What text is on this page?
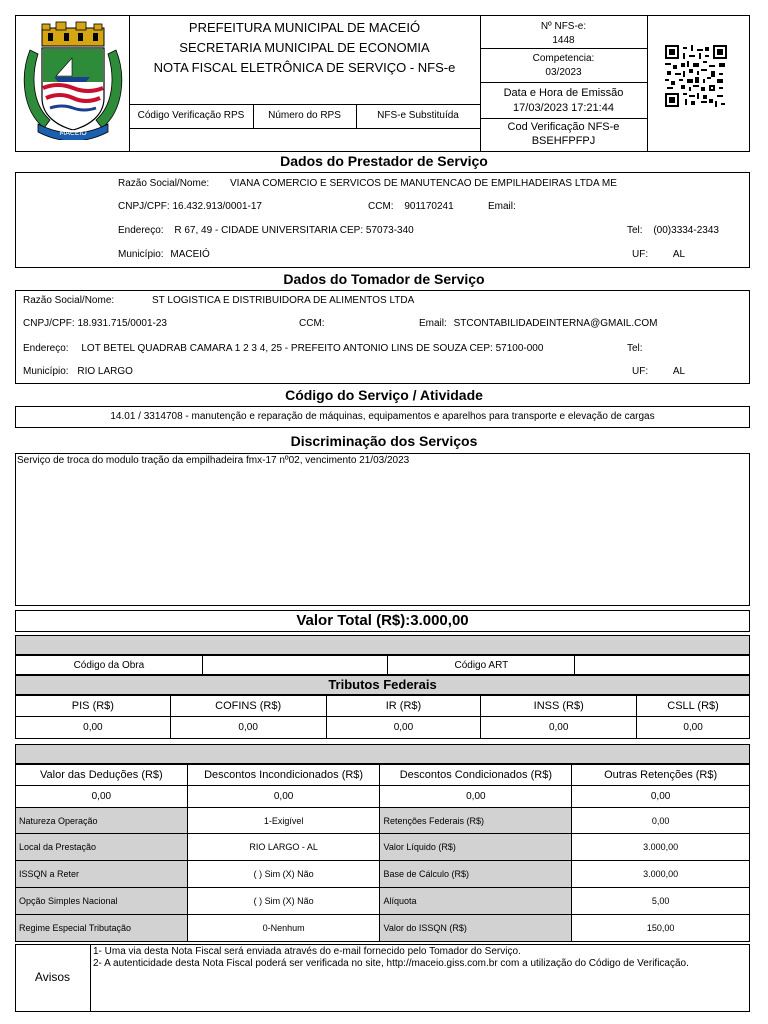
MACEIÓ
PREFEITURA MUNICIPAL DE MACEIÓ
SECRETARIA MUNICIPAL DE ECONOMIA
NOTA FISCAL ELETRÔNICA DE SERVIÇO - NFS-e
Código Verificação RPS	Número do RPS	NFS-e Substituída
Nº NFS-e:
1448
Competencia:
03/2023
Data e Hora de Emissão
17/03/2023 17:21:44
Cod Verificação NFS-e
BSEHFPFPJ
Dados do Prestador de Serviço
Razão Social/Nome: VIANA COMERCIO E SERVICOS DE MANUTENCAO DE EMPILHADEIRAS LTDA ME
CNPJ/CPF: 16.432.913/0001-17	CCM: 901170241	Email:
Endereço: R 67, 49 - CIDADE UNIVERSITARIA CEP: 57073-340	Tel: (00)3334-2343
Município: MACEIÓ	UF: AL
Dados do Tomador de Serviço
Razão Social/Nome:	ST LOGISTICA E DISTRIBUIDORA DE ALIMENTOS LTDA
CNPJ/CPF: 18.931.715/0001-23	CCM:	Email: STCONTABILIDADEINTERNA@GMAIL.COM
Endereço: LOT BETEL QUADRAB CAMARA 1 2 3 4, 25 - PREFEITO ANTONIO LINS DE SOUZA CEP: 57100-000	Tel:
Município: RIO LARGO	UF: AL
Código do Serviço / Atividade
14.01 / 3314708 - manutenção e reparação de máquinas, equipamentos e aparelhos para transporte e elevação de cargas
Discriminação dos Serviços
Serviço de troca do modulo tração da empilhadeira fmx-17 nº02, vencimento 21/03/2023
Valor Total (R$):3.000,00
Código da Obra		Código ART	
Tributos Federais
PIS (R$)	COFINS (R$)	IR (R$)	INSS (R$)	CSLL (R$)
0,00	0,00	0,00	0,00	0,00
Valor das Deduções (R$)	Descontos Incondicionados (R$)	Descontos Condicionados (R$)	Outras Retenções (R$)
0,00	0,00	0,00	0,00
Natureza Operação	1-Exigível	Retenções Federais (R$)	0,00
Local da Prestação	RIO LARGO - AL	Valor Líquido (R$)	3.000,00
ISSQN a Reter	( ) Sim (X) Não	Base de Cálculo (R$)	3.000,00
Opção Simples Nacional	( ) Sim (X) Não	Alíquota	5,00
Regime Especial Tributação	0-Nenhum	Valor do ISSQN (R$)	150,00
Avisos
1- Uma via desta Nota Fiscal será enviada através do e-mail fornecido pelo Tomador do Serviço.
2- A autenticidade desta Nota Fiscal poderá ser verificada no site, http://maceio.giss.com.br com a utilização do Código de Verificação.
